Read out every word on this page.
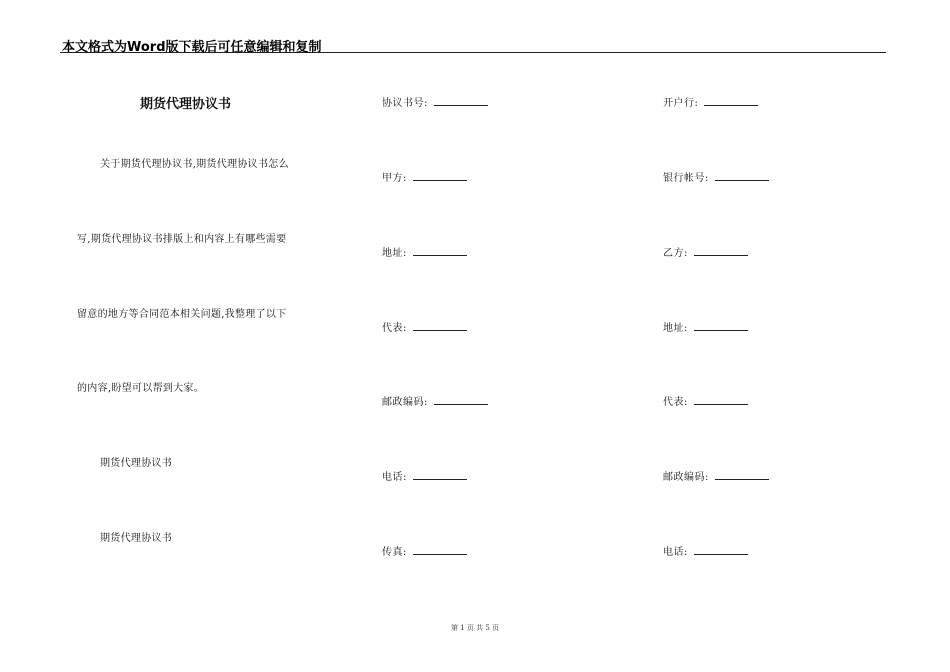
本文格式为Word版下载后可任意编辑和复制
期货代理协议书
关于期货代理协议书,期货代理协议书怎么
写,期货代理协议书排版上和内容上有哪些需要
留意的地方等合同范本相关问题,我整理了以下
的内容,盼望可以帮到大家。
期货代理协议书
期货代理协议书
协议书号:
甲方:
地址:
代表:
邮政编码:
电话:
传真:
开户行:
银行帐号:
乙方:
地址:
代表:
邮政编码:
电话:
第 1 页 共 5 页
